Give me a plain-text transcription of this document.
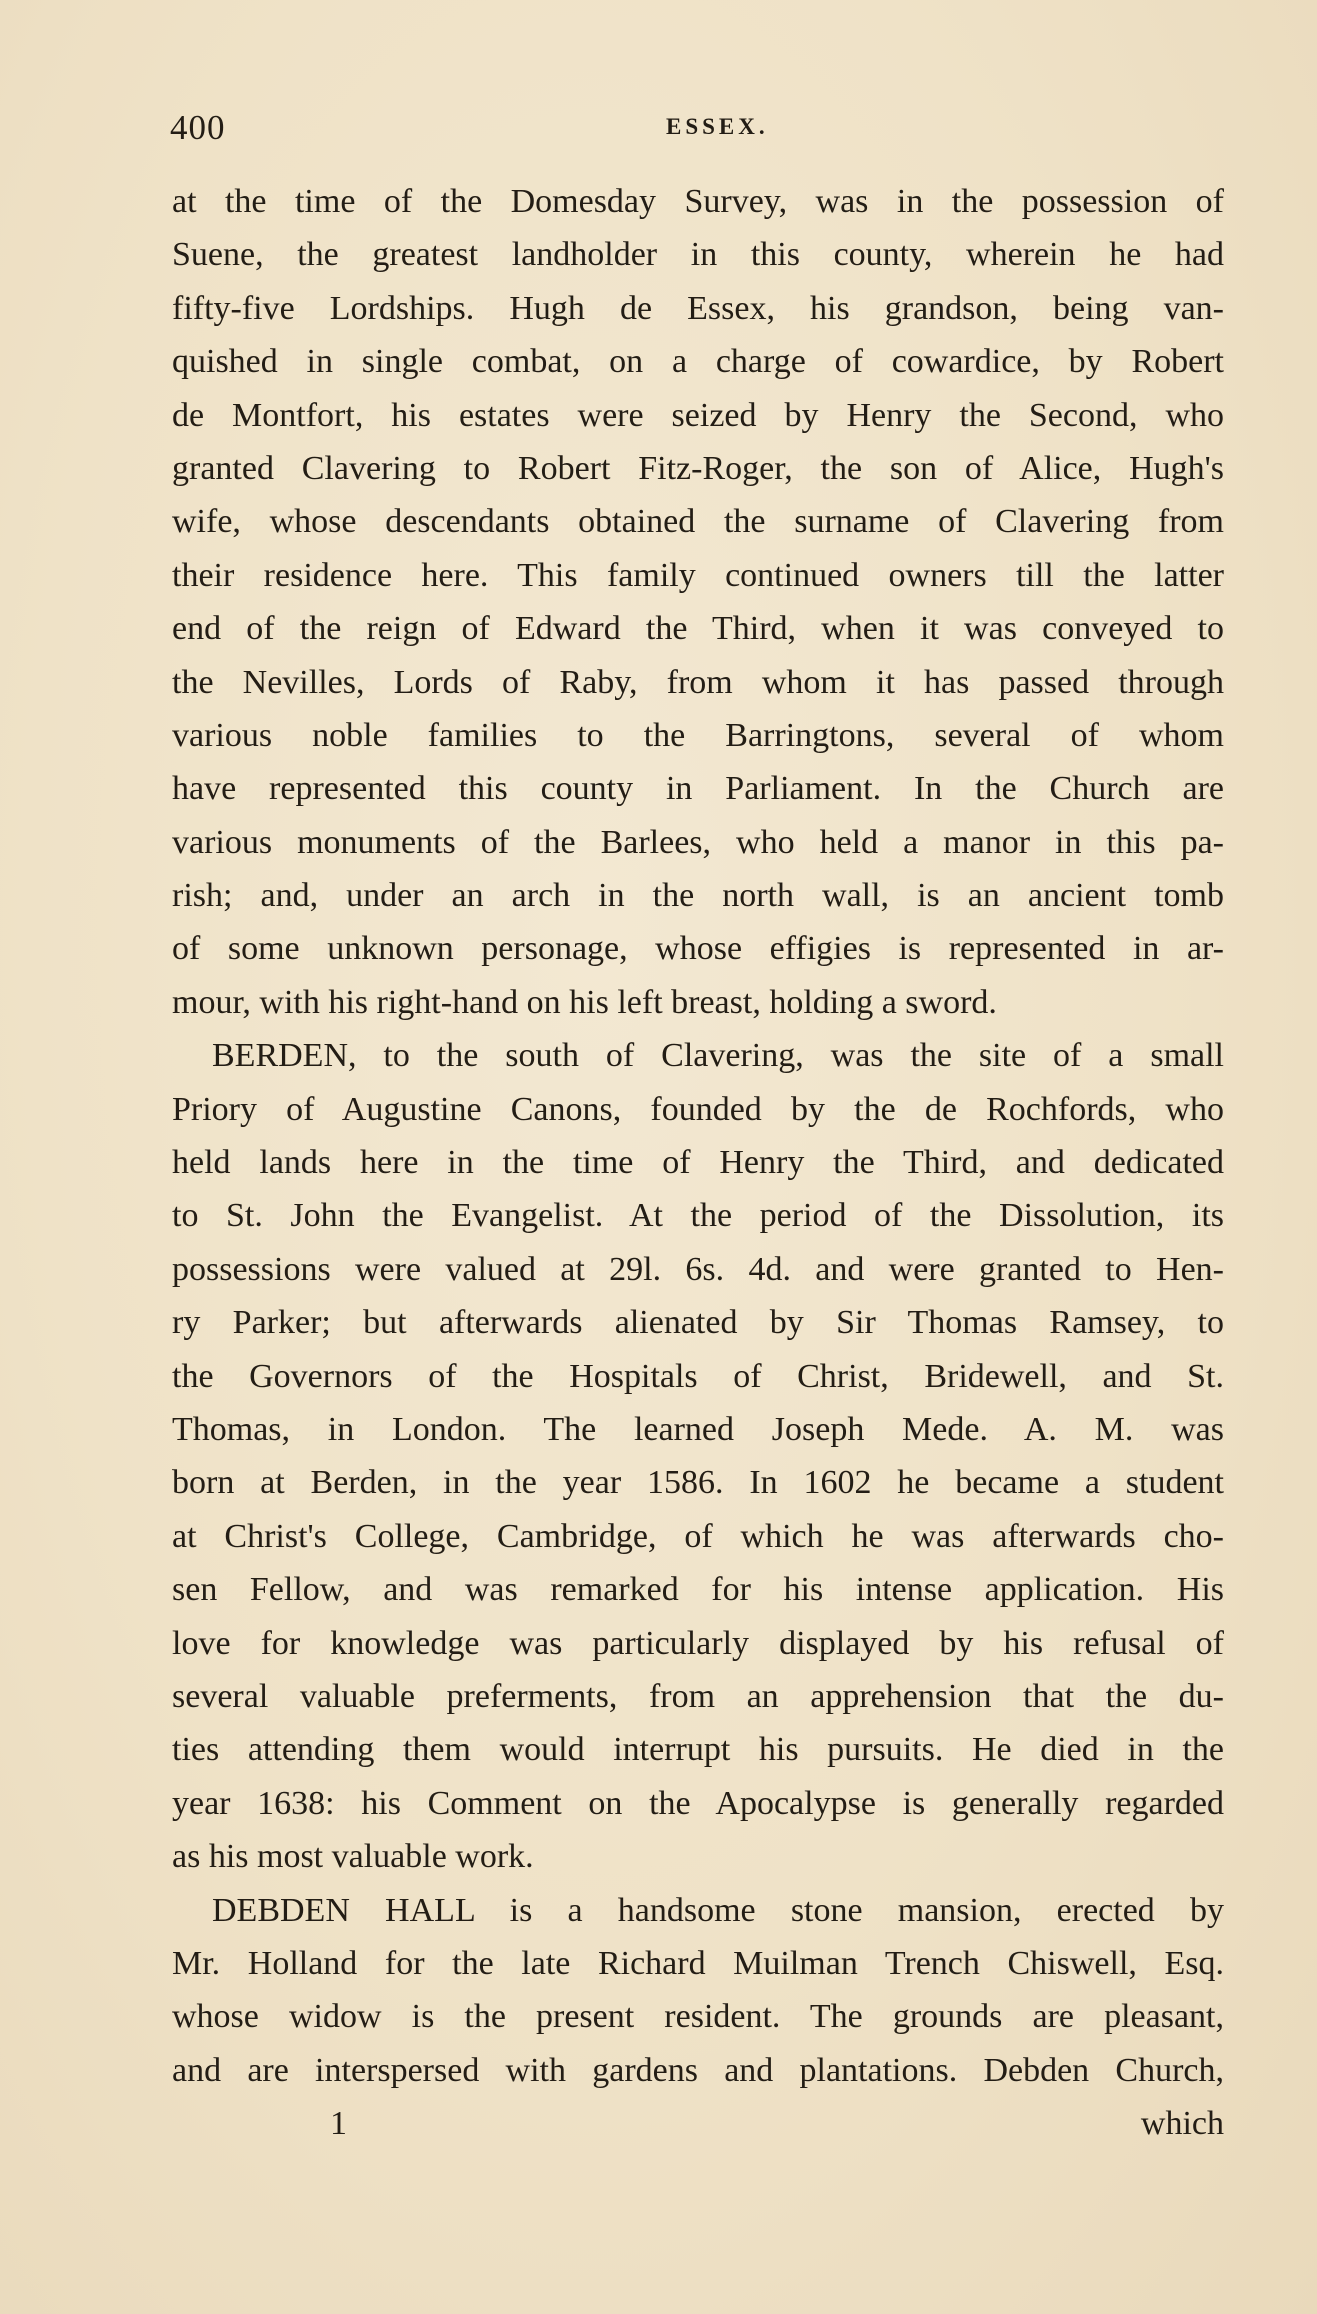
400	ESSEX.
at the time of the Domesday Survey, was in the possession of
Suene, the greatest landholder in this county, wherein he had
fifty-five Lordships. Hugh de Essex, his grandson, being van-
quished in single combat, on a charge of cowardice, by Robert
de Montfort, his estates were seized by Henry the Second, who
granted Clavering to Robert Fitz-Roger, the son of Alice, Hugh's
wife, whose descendants obtained the surname of Clavering from
their residence here. This family continued owners till the latter
end of the reign of Edward the Third, when it was conveyed to
the Nevilles, Lords of Raby, from whom it has passed through
various noble families to the Barringtons, several of whom
have represented this county in Parliament. In the Church are
various monuments of the Barlees, who held a manor in this pa-
rish; and, under an arch in the north wall, is an ancient tomb
of some unknown personage, whose effigies is represented in ar-
mour, with his right-hand on his left breast, holding a sword.
BERDEN, to the south of Clavering, was the site of a small
Priory of Augustine Canons, founded by the de Rochfords, who
held lands here in the time of Henry the Third, and dedicated
to St. John the Evangelist. At the period of the Dissolution, its
possessions were valued at 29l. 6s. 4d. and were granted to Hen-
ry Parker; but afterwards alienated by Sir Thomas Ramsey, to
the Governors of the Hospitals of Christ, Bridewell, and St.
Thomas, in London. The learned Joseph Mede. A. M. was
born at Berden, in the year 1586. In 1602 he became a student
at Christ's College, Cambridge, of which he was afterwards cho-
sen Fellow, and was remarked for his intense application. His
love for knowledge was particularly displayed by his refusal of
several valuable preferments, from an apprehension that the du-
ties attending them would interrupt his pursuits. He died in the
year 1638: his Comment on the Apocalypse is generally regarded
as his most valuable work.
DEBDEN HALL is a handsome stone mansion, erected by
Mr. Holland for the late Richard Muilman Trench Chiswell, Esq.
whose widow is the present resident. The grounds are pleasant,
and are interspersed with gardens and plantations. Debden Church,
1	which
